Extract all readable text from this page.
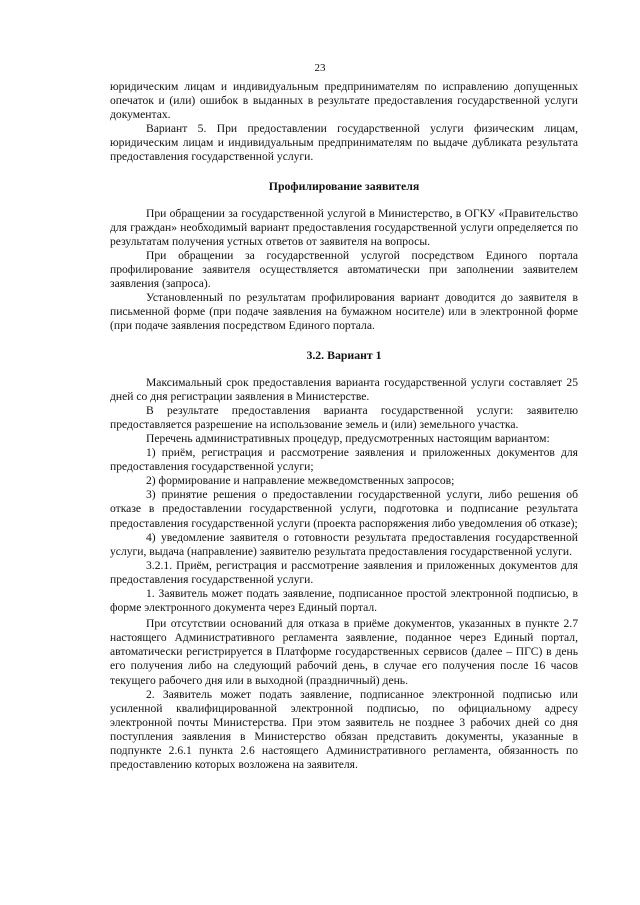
23

юридическим лицам и индивидуальным предпринимателям по исправлению допущенных опечаток и (или) ошибок в выданных в результате предоставления государственной услуги документах.

Вариант 5. При предоставлении государственной услуги физическим лицам, юридическим лицам и индивидуальным предпринимателям по выдаче дубликата результата предоставления государственной услуги.

Профилирование заявителя

При обращении за государственной услугой в Министерство, в ОГКУ «Правительство для граждан» необходимый вариант предоставления государственной услуги определяется по результатам получения устных ответов от заявителя на вопросы.

При обращении за государственной услугой посредством Единого портала профилирование заявителя осуществляется автоматически при заполнении заявителем заявления (запроса).

Установленный по результатам профилирования вариант доводится до заявителя в письменной форме (при подаче заявления на бумажном носителе) или в электронной форме (при подаче заявления посредством Единого портала.

3.2. Вариант 1

Максимальный срок предоставления варианта государственной услуги составляет 25 дней со дня регистрации заявления в Министерстве.

В результате предоставления варианта государственной услуги: заявителю предоставляется разрешение на использование земель и (или) земельного участка.

Перечень административных процедур, предусмотренных настоящим вариантом:

1) приём, регистрация и рассмотрение заявления и приложенных документов для предоставления государственной услуги;

2) формирование и направление межведомственных запросов;

3) принятие решения о предоставлении государственной услуги, либо решения об отказе в предоставлении государственной услуги, подготовка и подписание результата предоставления государственной услуги (проекта распоряжения либо уведомления об отказе);

4) уведомление заявителя о готовности результата предоставления государственной услуги, выдача (направление) заявителю результата предоставления государственной услуги.

3.2.1. Приём, регистрация и рассмотрение заявления и приложенных документов для предоставления государственной услуги.

1. Заявитель может подать заявление, подписанное простой электронной подписью, в форме электронного документа через Единый портал.

При отсутствии оснований для отказа в приёме документов, указанных в пункте 2.7 настоящего Административного регламента заявление, поданное через Единый портал, автоматически регистрируется в Платформе государственных сервисов (далее – ПГС) в день его получения либо на следующий рабочий день, в случае его получения после 16 часов текущего рабочего дня или в выходной (праздничный) день.

2. Заявитель может подать заявление, подписанное электронной подписью или усиленной квалифицированной электронной подписью, по официальному адресу электронной почты Министерства. При этом заявитель не позднее 3 рабочих дней со дня поступления заявления в Министерство обязан представить документы, указанные в подпункте 2.6.1 пункта 2.6 настоящего Административного регламента, обязанность по предоставлению которых возложена на заявителя.
